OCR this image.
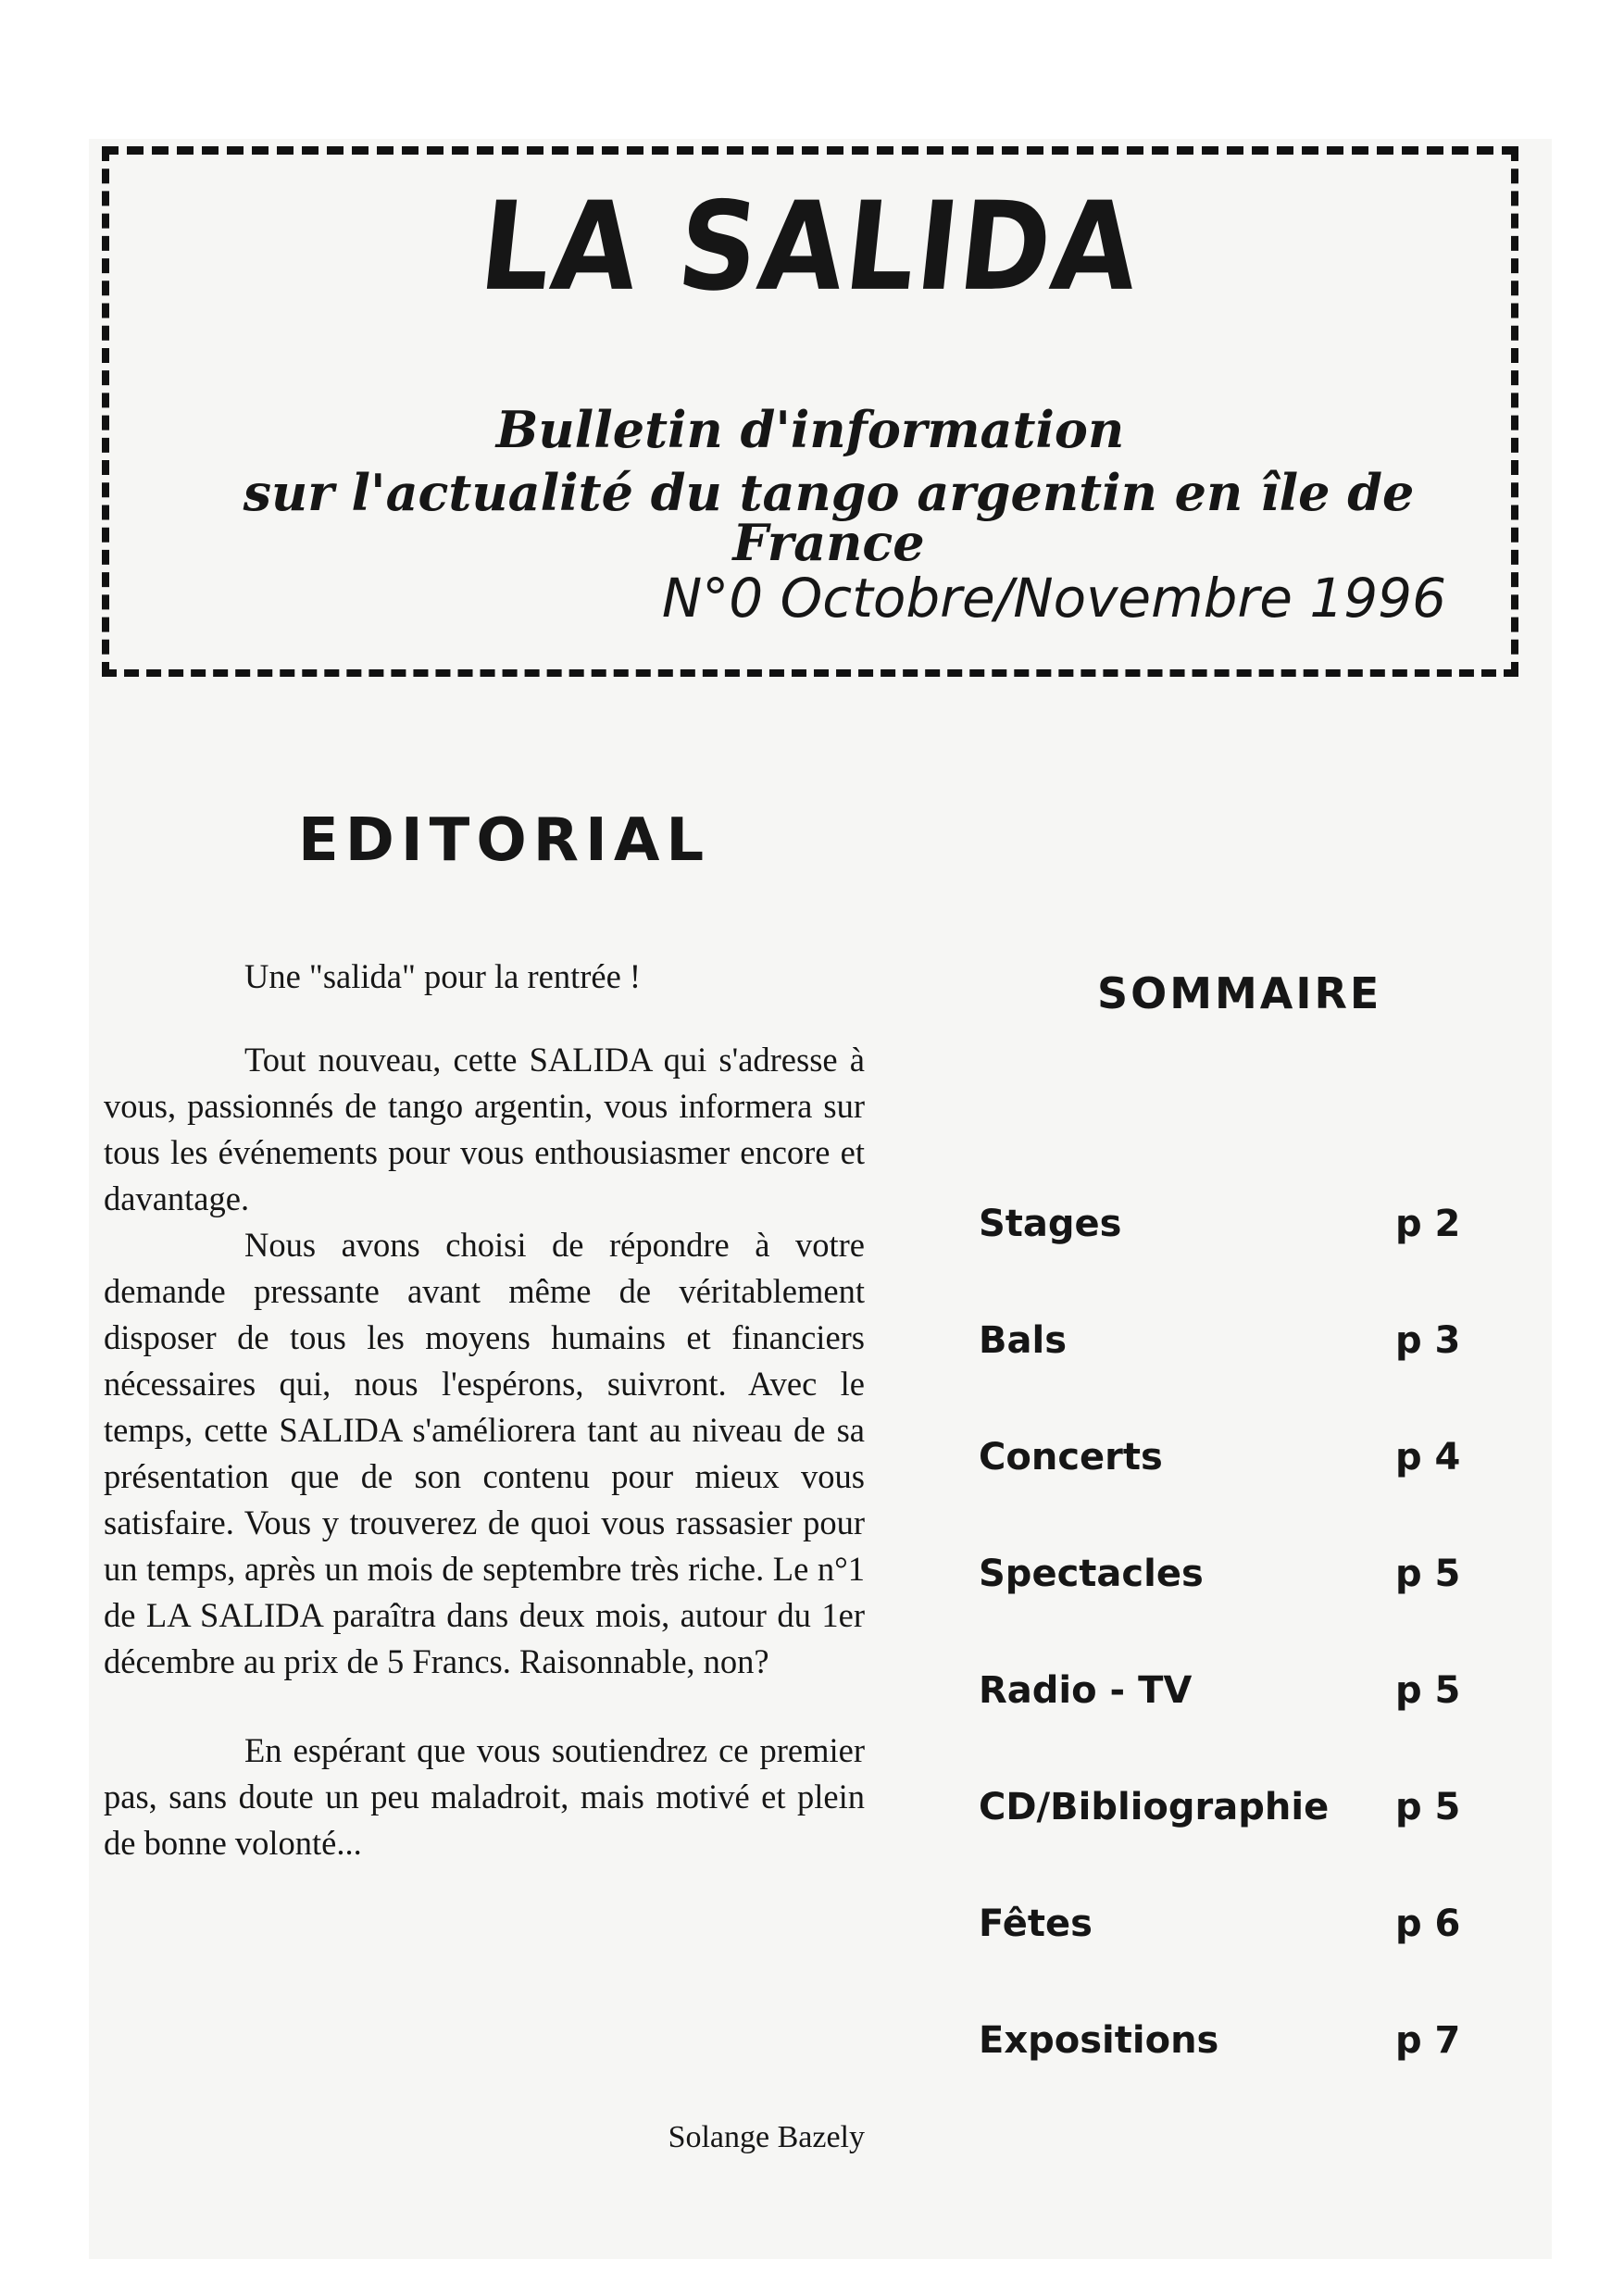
LA SALIDA
Bulletin d'information
sur l'actualité du tango argentin en île de France
N°0 Octobre/Novembre 1996
EDITORIAL

Une "salida" pour la rentrée !

Tout nouveau, cette SALIDA qui s'adresse à vous, passionnés de tango argentin, vous informera sur tous les événements pour vous enthousiasmer encore et davantage.

Nous avons choisi de répondre à votre demande pressante avant même de véritablement disposer de tous les moyens humains et financiers nécessaires qui, nous l'espérons, suivront. Avec le temps, cette SALIDA s'améliorera tant au niveau de sa présentation que de son contenu pour mieux vous satisfaire. Vous y trouverez de quoi vous rassasier pour un temps, après un mois de septembre très riche. Le n°1 de LA SALIDA paraîtra dans deux mois, autour du 1er décembre au prix de 5 Francs. Raisonnable, non?

En espérant que vous soutiendrez ce premier pas, sans doute un peu maladroit, mais motivé et plein de bonne volonté...

Solange Bazely
SOMMAIRE
Stages	p 2
Bals	p 3
Concerts	p 4
Spectacles	p 5
Radio - TV	p 5
CD/Bibliographie p 5
Fêtes	p 6
Expositions	p 7
